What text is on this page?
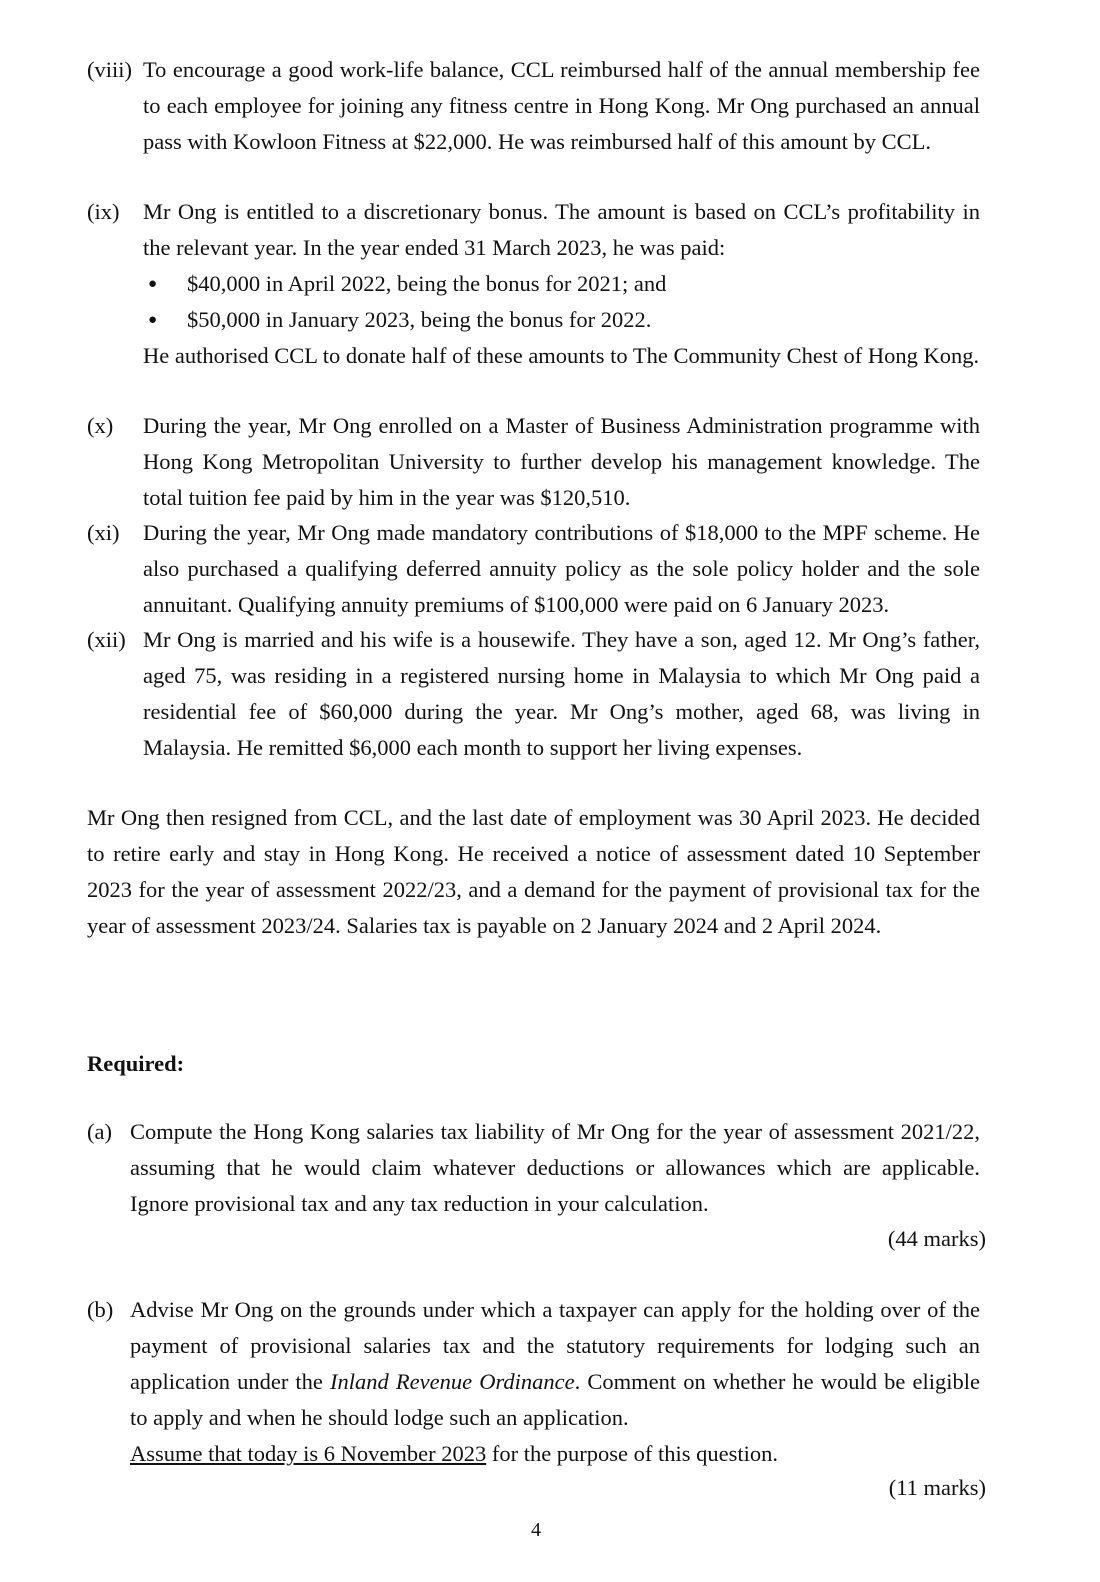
(viii) To encourage a good work-life balance, CCL reimbursed half of the annual membership fee to each employee for joining any fitness centre in Hong Kong. Mr Ong purchased an annual pass with Kowloon Fitness at $22,000. He was reimbursed half of this amount by CCL.

(ix) Mr Ong is entitled to a discretionary bonus. The amount is based on CCL’s profitability in the relevant year. In the year ended 31 March 2023, he was paid:

● $40,000 in April 2022, being the bonus for 2021; and
● $50,000 in January 2023, being the bonus for 2022.

He authorised CCL to donate half of these amounts to The Community Chest of Hong Kong.

(x) During the year, Mr Ong enrolled on a Master of Business Administration programme with Hong Kong Metropolitan University to further develop his management knowledge. The total tuition fee paid by him in the year was $120,510.

(xi) During the year, Mr Ong made mandatory contributions of $18,000 to the MPF scheme. He also purchased a qualifying deferred annuity policy as the sole policy holder and the sole annuitant. Qualifying annuity premiums of $100,000 were paid on 6 January 2023.

(xii) Mr Ong is married and his wife is a housewife. They have a son, aged 12. Mr Ong’s father, aged 75, was residing in a registered nursing home in Malaysia to which Mr Ong paid a residential fee of $60,000 during the year. Mr Ong’s mother, aged 68, was living in Malaysia. He remitted $6,000 each month to support her living expenses.

Mr Ong then resigned from CCL, and the last date of employment was 30 April 2023. He decided to retire early and stay in Hong Kong. He received a notice of assessment dated 10 September 2023 for the year of assessment 2022/23, and a demand for the payment of provisional tax for the year of assessment 2023/24. Salaries tax is payable on 2 January 2024 and 2 April 2024.

Required:
(a) Compute the Hong Kong salaries tax liability of Mr Ong for the year of assessment 2021/22, assuming that he would claim whatever deductions or allowances which are applicable. Ignore provisional tax and any tax reduction in your calculation.

(44 marks)
(b) Advise Mr Ong on the grounds under which a taxpayer can apply for the holding over of the payment of provisional salaries tax and the statutory requirements for lodging such an application under the Inland Revenue Ordinance. Comment on whether he would be eligible to apply and when he should lodge such an application.

Assume that today is 6 November 2023 for the purpose of this question.

(11 marks)
4
